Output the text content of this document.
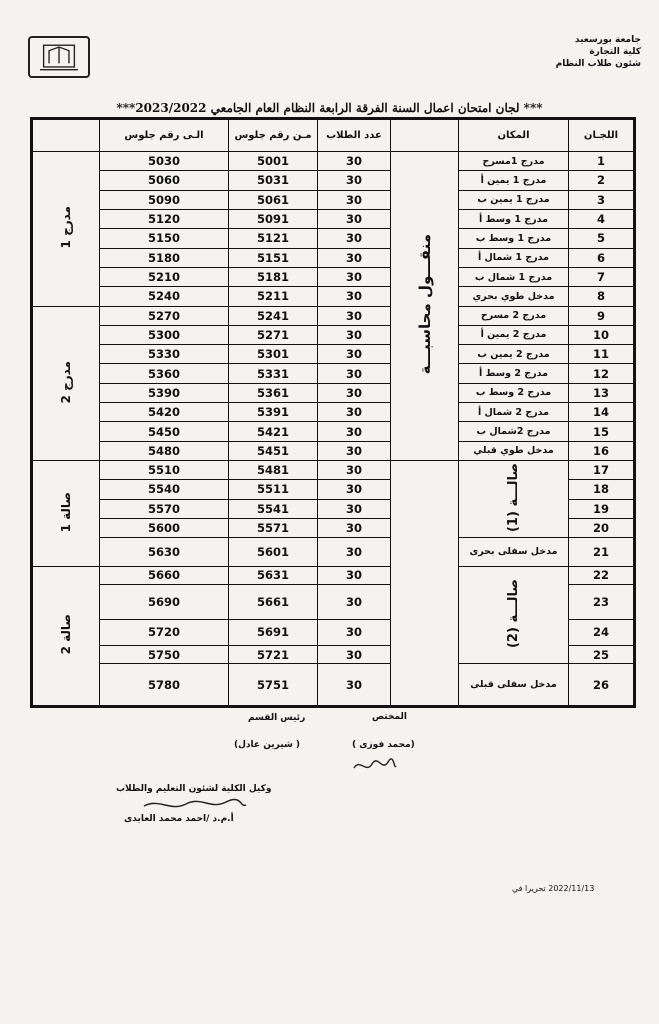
جامعة بورسعيد
كلية التجارة
شئون طلاب النظام
*** لجان امتحان اعمال السنة الفرقة الرابعة النظام العام الجامعي 2023/2022***
اللجـان	المكان		عدد الطلاب	مـن رقم جلوس	الـى رقم جلوس	
1	مدرج 1مسرح	منقـــول محاسبـــة	30	5001	5030	مدرج 1
2	مدرج 1 يمين أ		30	5031	5060	
3	مدرج 1 يمين ب		30	5061	5090	
4	مدرج 1 وسط أ		30	5091	5120	
5	مدرج 1 وسط ب		30	5121	5150	
6	مدرج 1 شمال أ		30	5151	5180	
7	مدرج 1 شمال ب		30	5181	5210	
8	مدخل طوي بحري		30	5211	5240	
9	مدرج 2 مسرح		30	5241	5270	مدرج 2
10	مدرج 2 يمين أ		30	5271	5300	
11	مدرج 2 يمين ب		30	5301	5330	
12	مدرج 2 وسط أ		30	5331	5360	
13	مدرج 2 وسط ب		30	5361	5390	
14	مدرج 2 شمال أ		30	5391	5420	
15	مدرج 2شمال ب		30	5421	5450	
16	مدخل طوي قبلي		30	5451	5480	
17	صالـــة (1)		30	5481	5510	صالة 1
18			30	5511	5540	
19			30	5541	5570	
20			30	5571	5600	
21	مدخل سفلى بحرى		30	5601	5630	
22	صالـــة (2)		30	5631	5660	صالة 2
23			30	5661	5690	
24			30	5691	5720	
25			30	5721	5750	
26	مدخل سفلى قبلى		30	5751	5780	
المختص
(محمد فوزى )
رئيس القسم
( شيرين عادل)
وكيل الكلية لشئون التعليم والطلاب
أ.م.د /احمد محمد العايدى
2022/11/13 تحريرا في
